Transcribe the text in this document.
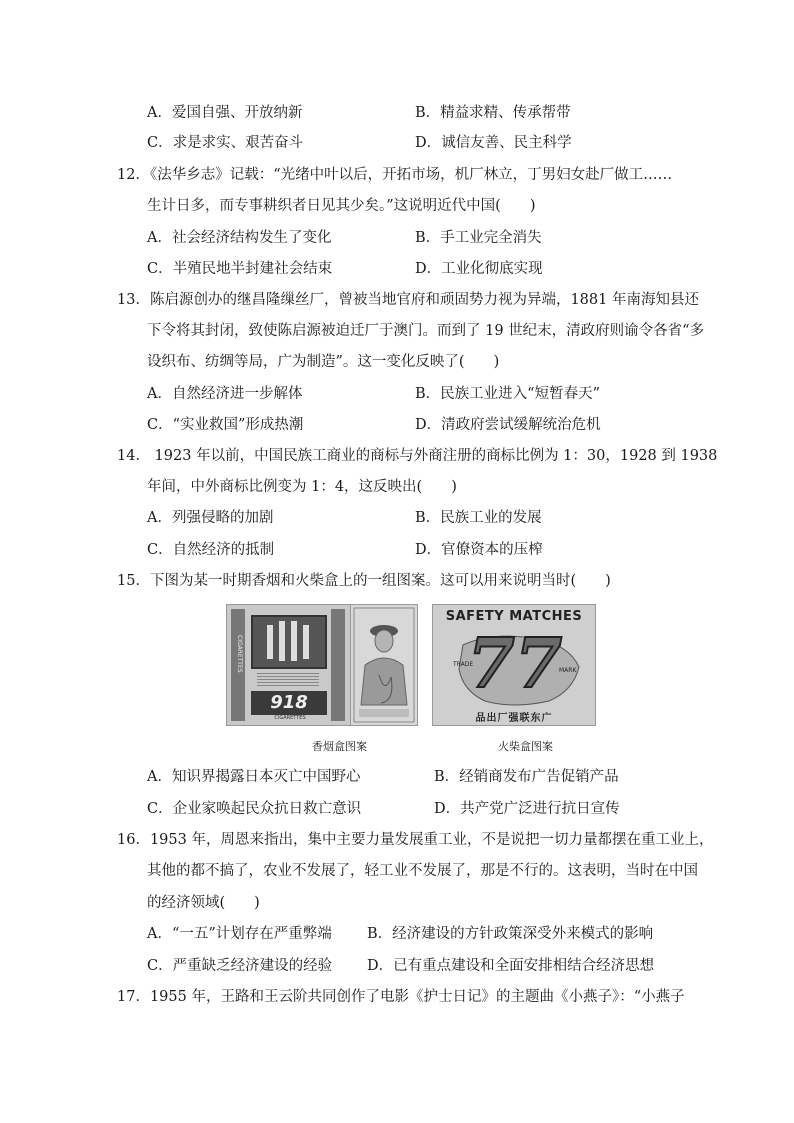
A．爱国自强、开放纳新	B．精益求精、传承帮带
C．求是求实、艰苦奋斗	D．诚信友善、民主科学
12．《法华乡志》记载：“光绪中叶以后，开拓市场，机厂林立，丁男妇女赴厂做工……
生计日多，而专事耕织者日见其少矣。”这说明近代中国(　　)
A．社会经济结构发生了变化	B．手工业完全消失
C．半殖民地半封建社会结束	D．工业化彻底实现
13．陈启源创办的继昌隆缫丝厂，曾被当地官府和顽固势力视为异端，1881 年南海知县还
下令将其封闭，致使陈启源被迫迁厂于澳门。而到了 19 世纪末，清政府则谕令各省“多
设织布、纺绸等局，广为制造”。这一变化反映了(　　)
A．自然经济进一步解体	B．民族工业进入“短暂春天”
C．“实业救国”形成热潮	D．清政府尝试缓解统治危机
14． 1923 年以前，中国民族工商业的商标与外商注册的商标比例为 1：30，1928 到 1938
年间，中外商标比例变为 1：4，这反映出(　　)
A．列强侵略的加剧	B．民族工业的发展
C．自然经济的抵制	D．官僚资本的压榨
15．下图为某一时期香烟和火柴盒上的一组图案。这可以用来说明当时(　　)
CIGARETTES
918
CIGARETTES
SAFETY MATCHES
77
TRADE
MARK
品出厂强联东广
香烟盒图案	火柴盒图案
A．知识界揭露日本灭亡中国野心	B．经销商发布广告促销产品
C．企业家唤起民众抗日救亡意识	D．共产党广泛进行抗日宣传
16．1953 年，周恩来指出，集中主要力量发展重工业，不是说把一切力量都摆在重工业上，
其他的都不搞了，农业不发展了，轻工业不发展了，那是不行的。这表明，当时在中国
的经济领域(　　)
A．“一五”计划存在严重弊端 B．经济建设的方针政策深受外来模式的影响
C．严重缺乏经济建设的经验 D．已有重点建设和全面安排相结合经济思想
17．1955 年，王路和王云阶共同创作了电影《护士日记》的主题曲《小燕子》：“小燕子
